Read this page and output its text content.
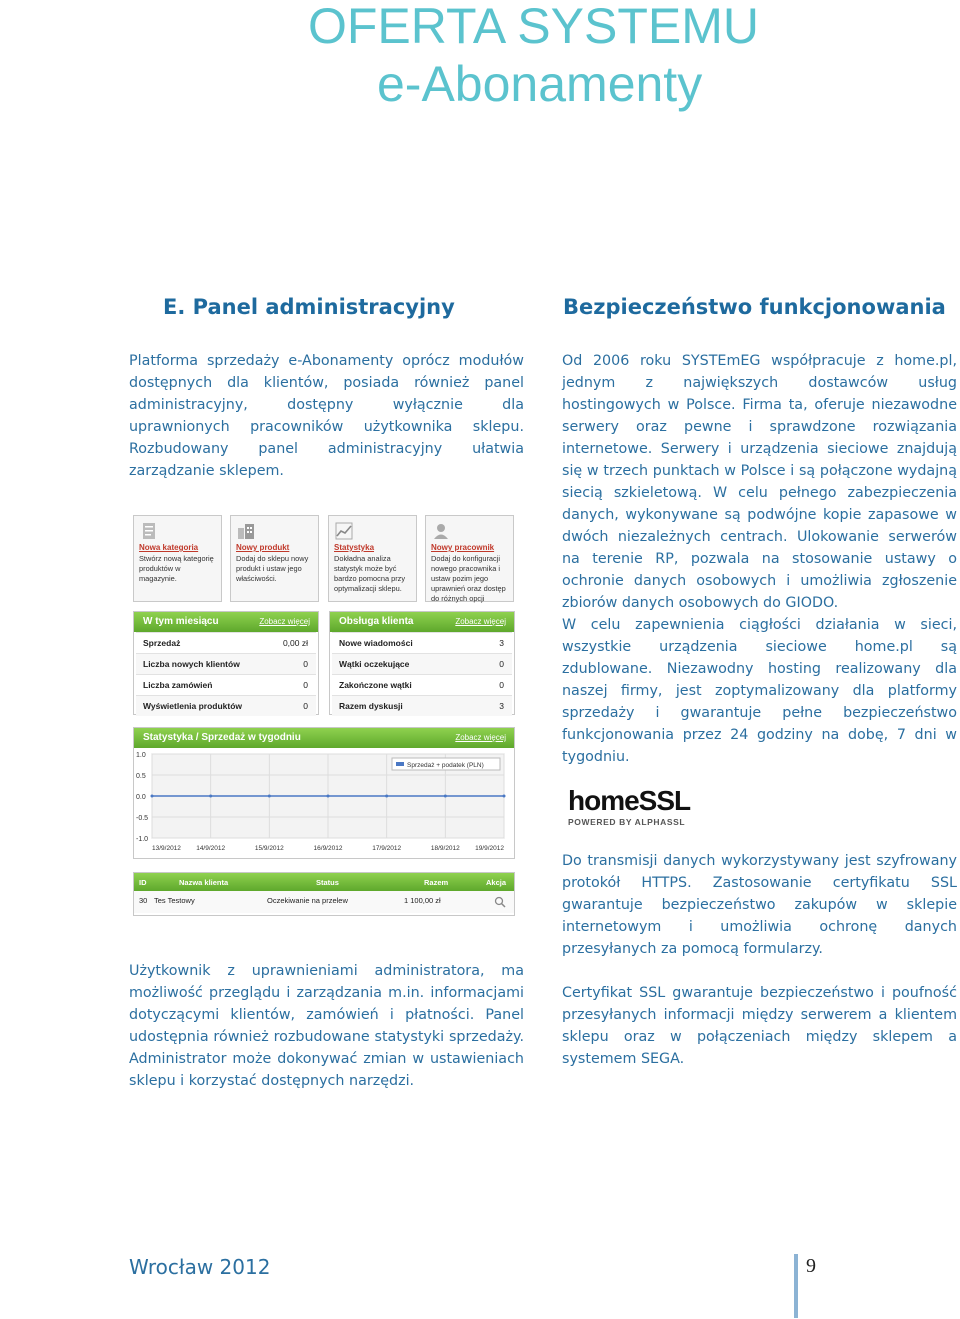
OFERTA SYSTEMU
e-Abonamenty
E. Panel administracyjny

Platforma sprzedaży e-Abonamenty oprócz modułów dostępnych dla klientów, posiada również panel administracyjny, dostępny wyłącznie dla uprawnionych pracowników użytkownika sklepu. Rozbudowany panel administracyjny ułatwia zarządzanie sklepem.

Nowa kategoria
Stwórz nową kategorię produktów w magazynie.
Nowy produkt
Dodaj do sklepu nowy produkt i ustaw jego właściwości.
Statystyka
Dokładna analiza statystyk może być bardzo pomocna przy optymalizacji sklepu.
Nowy pracownik
Dodaj do konfiguracji nowego pracownika i ustaw pozim jego uprawnień oraz dostęp do różnych opcji
W tym miesiącu	Zobacz więcej
Sprzedaż	0,00 zł
Liczba nowych klientów	0
Liczba zamówień	0
Wyświetlenia produktów	0
Obsługa klienta	Zobacz więcej
Nowe wiadomości	3
Wątki oczekujące	0
Zakończone wątki	0
Razem dyskusji	3
Statystyka / Sprzedaż w tygodniu	Zobacz więcej
1.0
0.5
0.0
-0.5
-1.0
13/9/2012 14/9/2012	15/9/2012	16/9/2012	17/9/2012	18/9/2012 19/9/2012
Sprzedaż + podatek (PLN)
ID	Nazwa klienta	Status	Razem	Akcja
30 Tes Testowy	Oczekiwanie na przelew	1 100,00 zł

Użytkownik z uprawnieniami administratora, ma możliwość przeglądu i zarządzania m.in. informacjami dotyczącymi klientów, zamówień i płatności. Panel udostępnia również rozbudowane statystyki sprzedaży. Administrator może dokonywać zmian w ustawieniach sklepu i korzystać dostępnych narzędzi.

Bezpieczeństwo funkcjonowania

Od 2006 roku SYSTEmEG współpracuje z home.pl, jednym z największych dostawców usług hostingowych w Polsce. Firma ta, oferuje niezawodne serwery oraz pewne i sprawdzone rozwiązania internetowe. Serwery i urządzenia sieciowe znajdują się w trzech punktach w Polsce i są połączone wydajną siecią szkieletową. W celu pełnego zabezpieczenia danych, wykonywane są podwójne kopie zapasowe w dwóch niezależnych centrach. Ulokowanie serwerów na terenie RP, pozwala na stosowanie ustawy o ochronie danych osobowych i umożliwia zgłoszenie zbiorów danych osobowych do GIODO.

W celu zapewnienia ciągłości działania w sieci, wszystkie urządzenia sieciowe home.pl są zdublowane. Niezawodny hosting realizowany dla naszej firmy, jest zoptymalizowany dla platformy sprzedaży i gwarantuje pełne bezpieczeństwo funkcjonowania przez 24 godziny na dobę, 7 dni w tygodniu.

homeSSL
POWERED BY ALPHASSL

Do transmisji danych wykorzystywany jest szyfrowany protokół HTTPS. Zastosowanie certyfikatu SSL gwarantuje bezpieczeństwo zakupów w sklepie internetowym i umożliwia ochronę danych przesyłanych za pomocą formularzy.

Certyfikat SSL gwarantuje bezpieczeństwo i poufność przesyłanych informacji między serwerem a klientem sklepu oraz w połączeniach między sklepem a systemem SEGA.

Wrocław 2012	9
